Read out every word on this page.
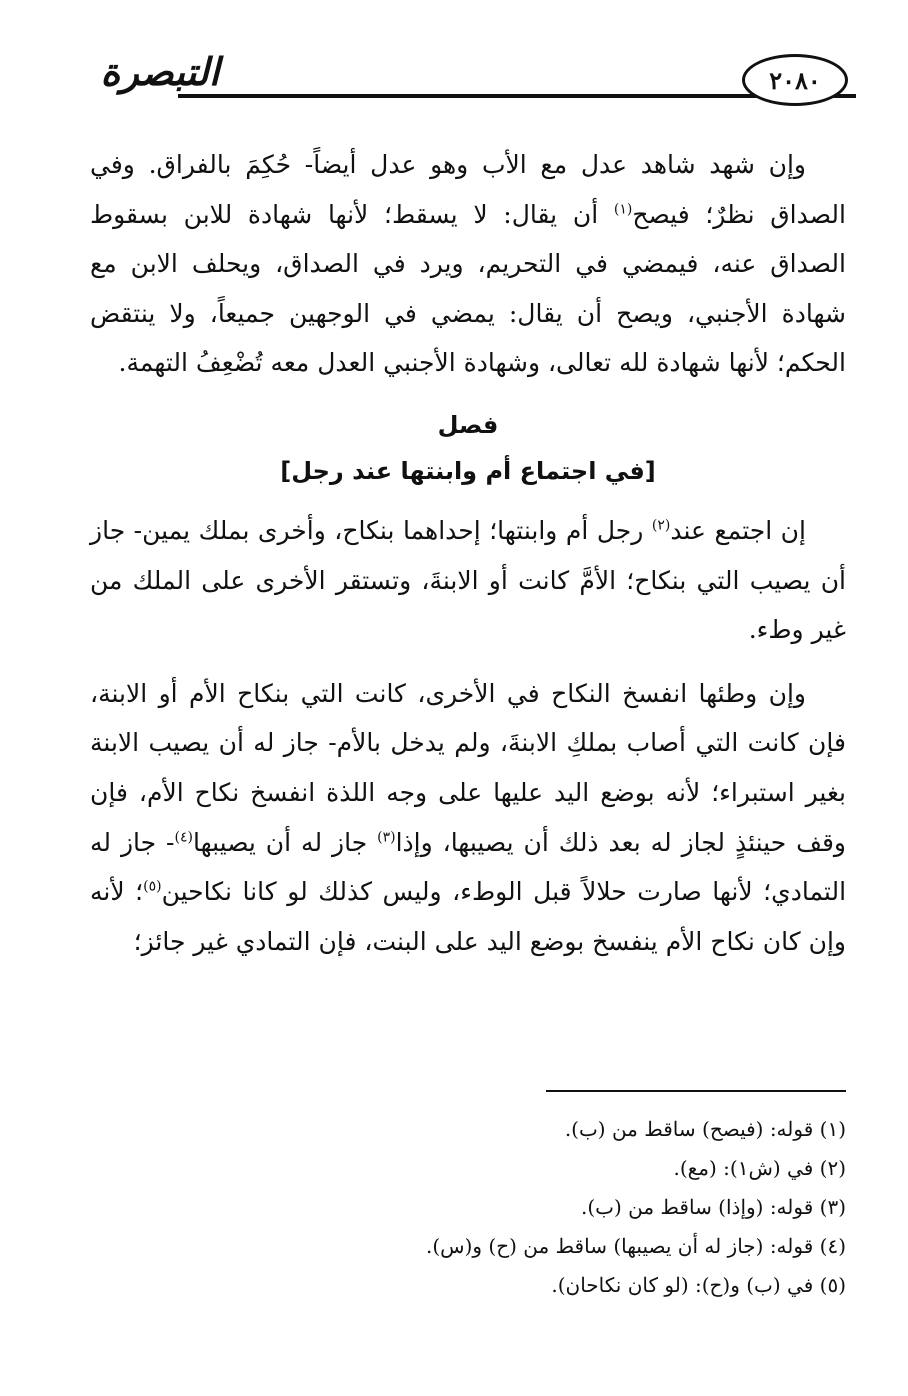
التبصرة	٢٠٨٠

وإن شهد شاهد عدل مع الأب وهو عدل أيضاً- حُكِمَ بالفراق. وفي الصداق نظرٌ؛ فيصح$^{(١)}$ أن يقال: لا يسقط؛ لأنها شهادة للابن بسقوط الصداق عنه، فيمضي في التحريم، ويرد في الصداق، ويحلف الابن مع شهادة الأجنبي، ويصح أن يقال: يمضي في الوجهين جميعاً، ولا ينتقض الحكم؛ لأنها شهادة لله تعالى، وشهادة الأجنبي العدل معه تُضْعِفُ التهمة.

فصل

[في اجتماع أم وابنتها عند رجل]

إن اجتمع عند$^{(٢)}$ رجل أم وابنتها؛ إحداهما بنكاح، وأخرى بملك يمين- جاز أن يصيب التي بنكاح؛ الأمَّ كانت أو الابنةَ، وتستقر الأخرى على الملك من غير وطء.

وإن وطئها انفسخ النكاح في الأخرى، كانت التي بنكاح الأم أو الابنة، فإن كانت التي أصاب بملكِ الابنةَ، ولم يدخل بالأم- جاز له أن يصيب الابنة بغير استبراء؛ لأنه بوضع اليد عليها على وجه اللذة انفسخ نكاح الأم، فإن وقف حينئذٍ لجاز له بعد ذلك أن يصيبها، وإذا$^{(٣)}$ جاز له أن يصيبها$^{(٤)}$- جاز له التمادي؛ لأنها صارت حلالاً قبل الوطء، وليس كذلك لو كانا نكاحين$^{(٥)}$؛ لأنه وإن كان نكاح الأم ينفسخ بوضع اليد على البنت، فإن التمادي غير جائز؛

(١) قوله: (فيصح) ساقط من (ب).

(٢) في (ش١): (مع).

(٣) قوله: (وإذا) ساقط من (ب).

(٤) قوله: (جاز له أن يصيبها) ساقط من (ح) و(س).

(٥) في (ب) و(ح): (لو كان نكاحان).
